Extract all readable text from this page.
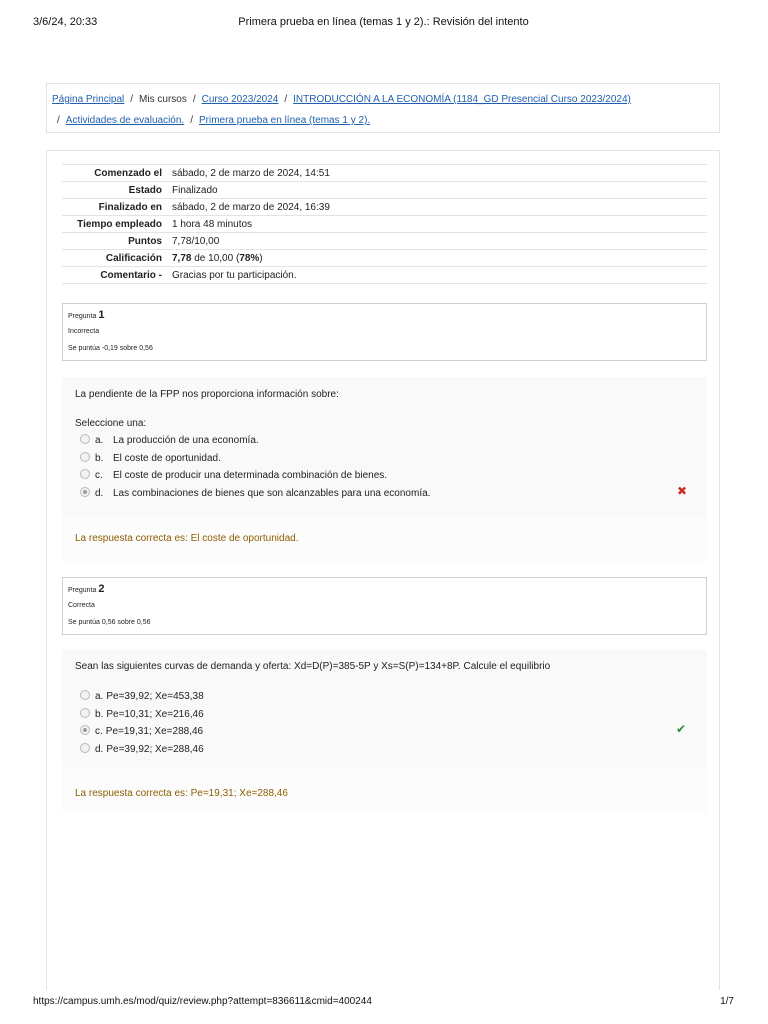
3/6/24, 20:33	Primera prueba en línea (temas 1 y 2).: Revisión del intento
Página Principal / Mis cursos / Curso 2023/2024 / INTRODUCCIÓN A LA ECONOMÍA (1184_GD Presencial Curso 2023/2024)
/ Actividades de evaluación. / Primera prueba en línea (temas 1 y 2).
Comenzado el	sábado, 2 de marzo de 2024, 14:51
Estado	Finalizado
Finalizado en	sábado, 2 de marzo de 2024, 16:39
Tiempo empleado	1 hora 48 minutos
Puntos	7,78/10,00
Calificación	7,78 de 10,00 (78%)
Comentario -	Gracias por tu participación.
Pregunta 1
Incorrecta
Se puntúa -0,19 sobre 0,56
La pendiente de la FPP nos proporciona información sobre:
Seleccione una:
a. La producción de una economía.
b. El coste de oportunidad.
c. El coste de producir una determinada combinación de bienes.
d. Las combinaciones de bienes que son alcanzables para una economía.	✖
La respuesta correcta es: El coste de oportunidad.
Pregunta 2
Correcta
Se puntúa 0,56 sobre 0,56
Sean las siguientes curvas de demanda y oferta: Xd=D(P)=385-5P y Xs=S(P)=134+8P. Calcule el equilibrio
a. Pe=39,92; Xe=453,38
b. Pe=10,31; Xe=216,46
c. Pe=19,31; Xe=288,46
d. Pe=39,92; Xe=288,46
✔
La respuesta correcta es: Pe=19,31; Xe=288,46
https://campus.umh.es/mod/quiz/review.php?attempt=836611&cmid=400244	1/7
